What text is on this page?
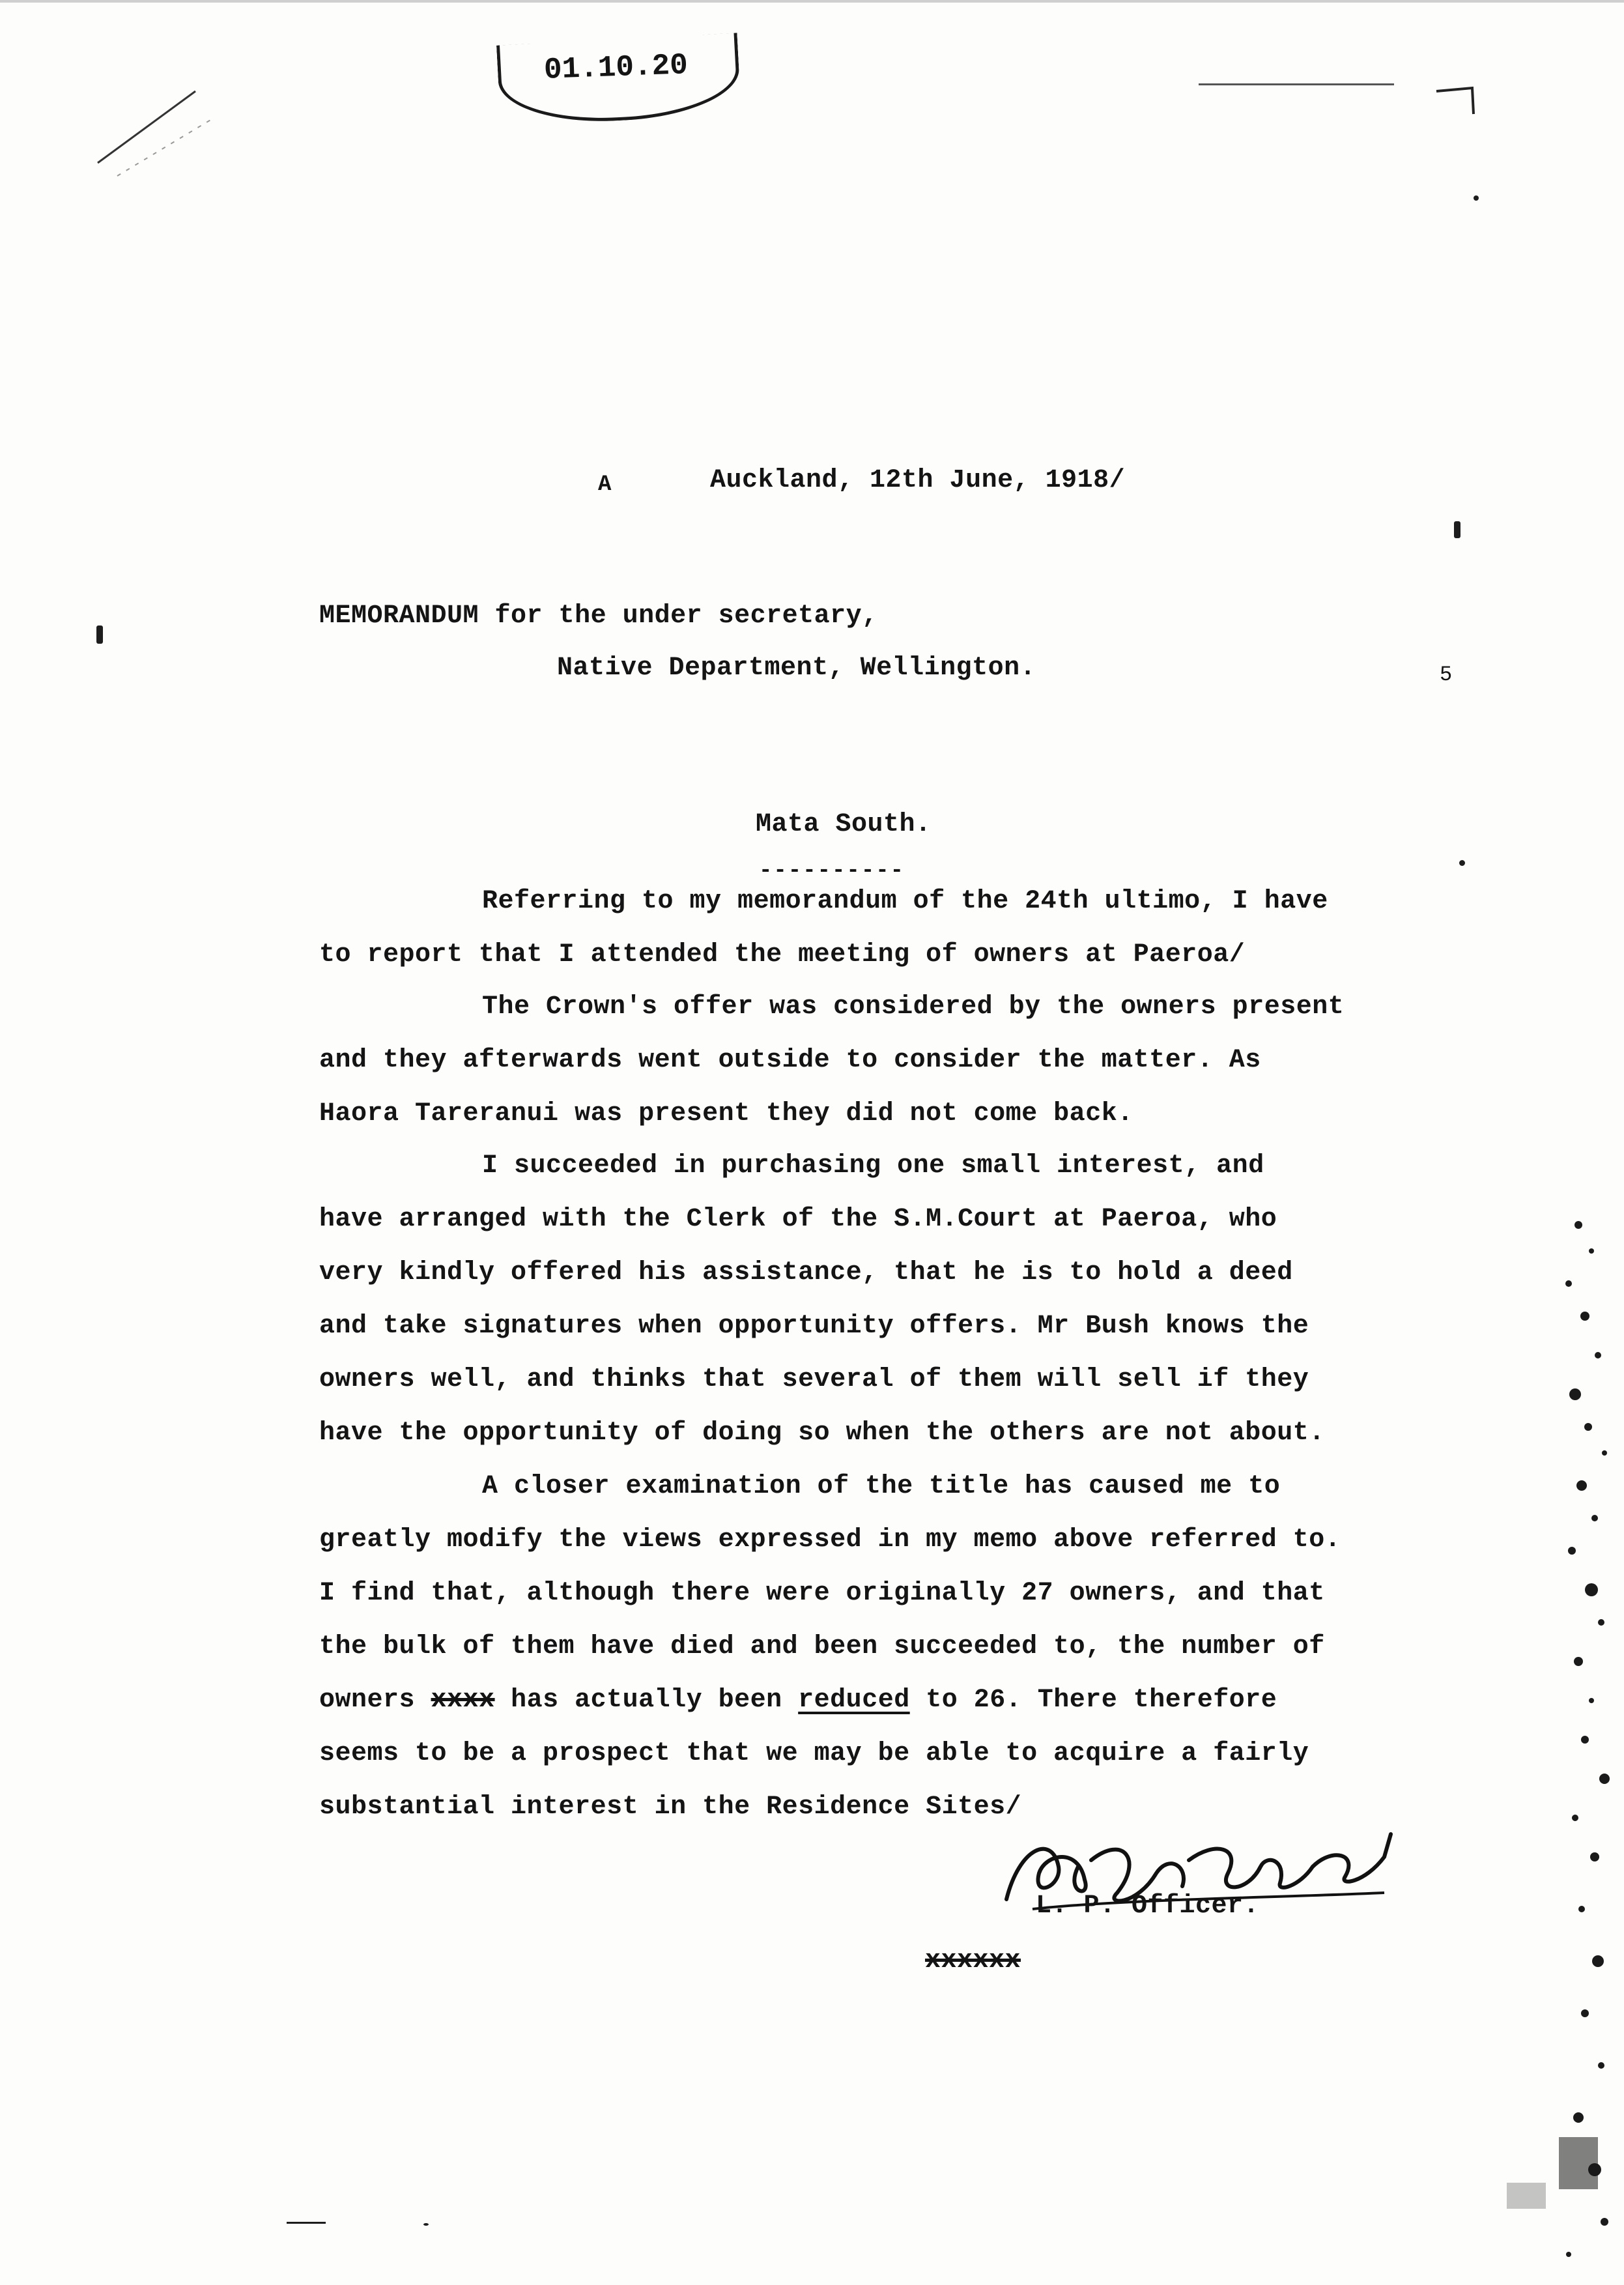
01.10.20
A	Auckland, 12th June, 1918/
MEMORANDUM for the under secretary,
Native Department, Wellington.	5
Mata South.
----------
Referring to my memorandum of the 24th ultimo, I have
to report that I attended the meeting of owners at Paeroa/
The Crown's offer was considered by the owners present
and they afterwards went outside to consider the matter. As
Haora Tareranui was present they did not come back.
I succeeded in purchasing one small interest, and
have arranged with the Clerk of the S.M.Court at Paeroa, who
very kindly offered his assistance, that he is to hold a deed
and take signatures when opportunity offers. Mr Bush knows the
owners well, and thinks that several of them will sell if they
have the opportunity of doing so when the others are not about.
A closer examination of the title has caused me to
greatly modify the views expressed in my memo above referred to.
I find that, although there were originally 27 owners, and that
the bulk of them have died and been succeeded to, the number of
owners xxxx has actually been reduced to 26. There therefore
seems to be a prospect that we may be able to acquire a fairly
substantial interest in the Residence Sites/
L. P. Officer.
xxxxxx
